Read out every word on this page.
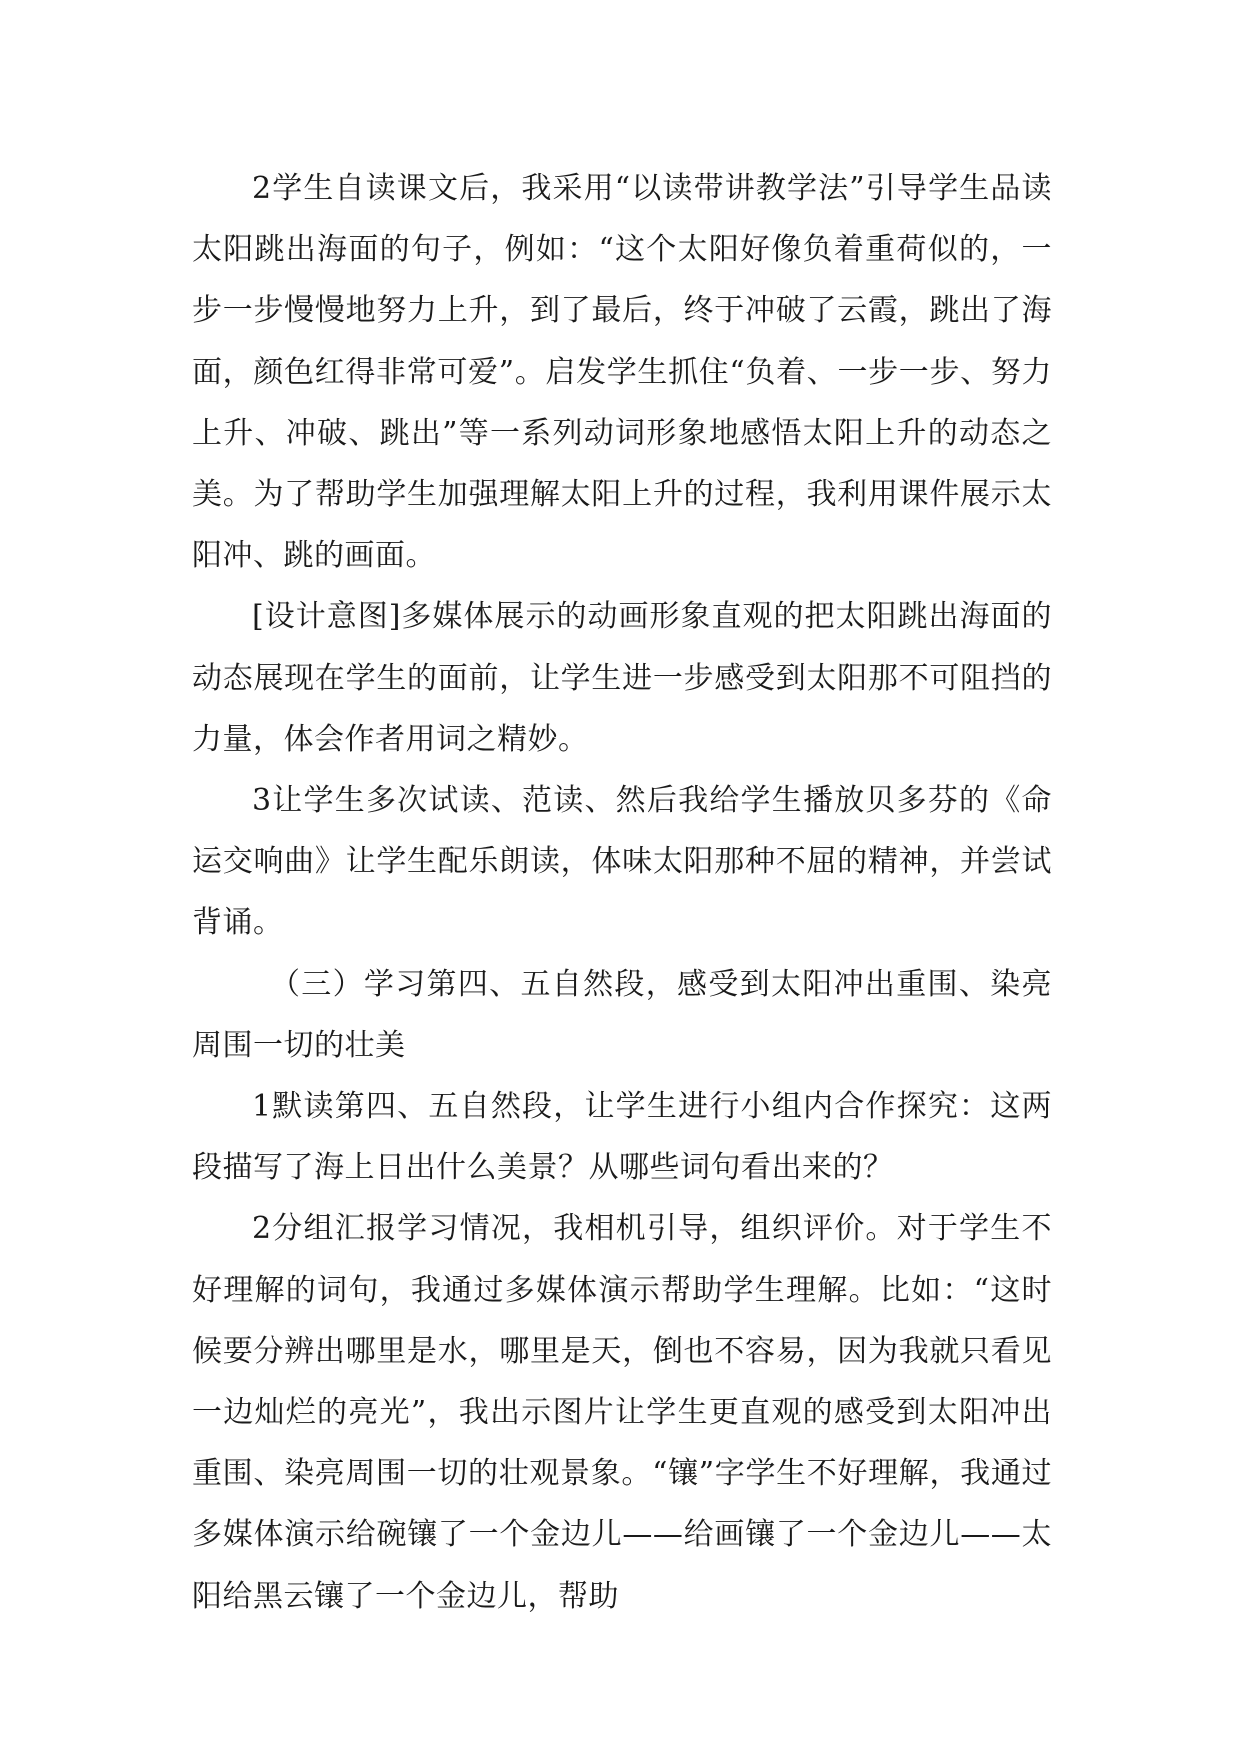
2学生自读课文后，我采用“以读带讲教学法”引导学生品读太阳跳出海面的句子，例如：“这个太阳好像负着重荷似的，一步一步慢慢地努力上升，到了最后，终于冲破了云霞，跳出了海面，颜色红得非常可爱”。启发学生抓住“负着、一步一步、努力上升、冲破、跳出”等一系列动词形象地感悟太阳上升的动态之美。为了帮助学生加强理解太阳上升的过程，我利用课件展示太阳冲、跳的画面。

[设计意图]多媒体展示的动画形象直观的把太阳跳出海面的动态展现在学生的面前，让学生进一步感受到太阳那不可阻挡的力量，体会作者用词之精妙。

3让学生多次试读、范读、然后我给学生播放贝多芬的《命运交响曲》让学生配乐朗读，体味太阳那种不屈的精神，并尝试背诵。

（三）学习第四、五自然段，感受到太阳冲出重围、染亮周围一切的壮美

1默读第四、五自然段，让学生进行小组内合作探究：这两段描写了海上日出什么美景？从哪些词句看出来的？

2分组汇报学习情况，我相机引导，组织评价。对于学生不好理解的词句，我通过多媒体演示帮助学生理解。比如：“这时候要分辨出哪里是水，哪里是天，倒也不容易，因为我就只看见一边灿烂的亮光”，我出示图片让学生更直观的感受到太阳冲出重围、染亮周围一切的壮观景象。“镶”字学生不好理解，我通过多媒体演示给碗镶了一个金边儿——给画镶了一个金边儿——太阳给黑云镶了一个金边儿，帮助
